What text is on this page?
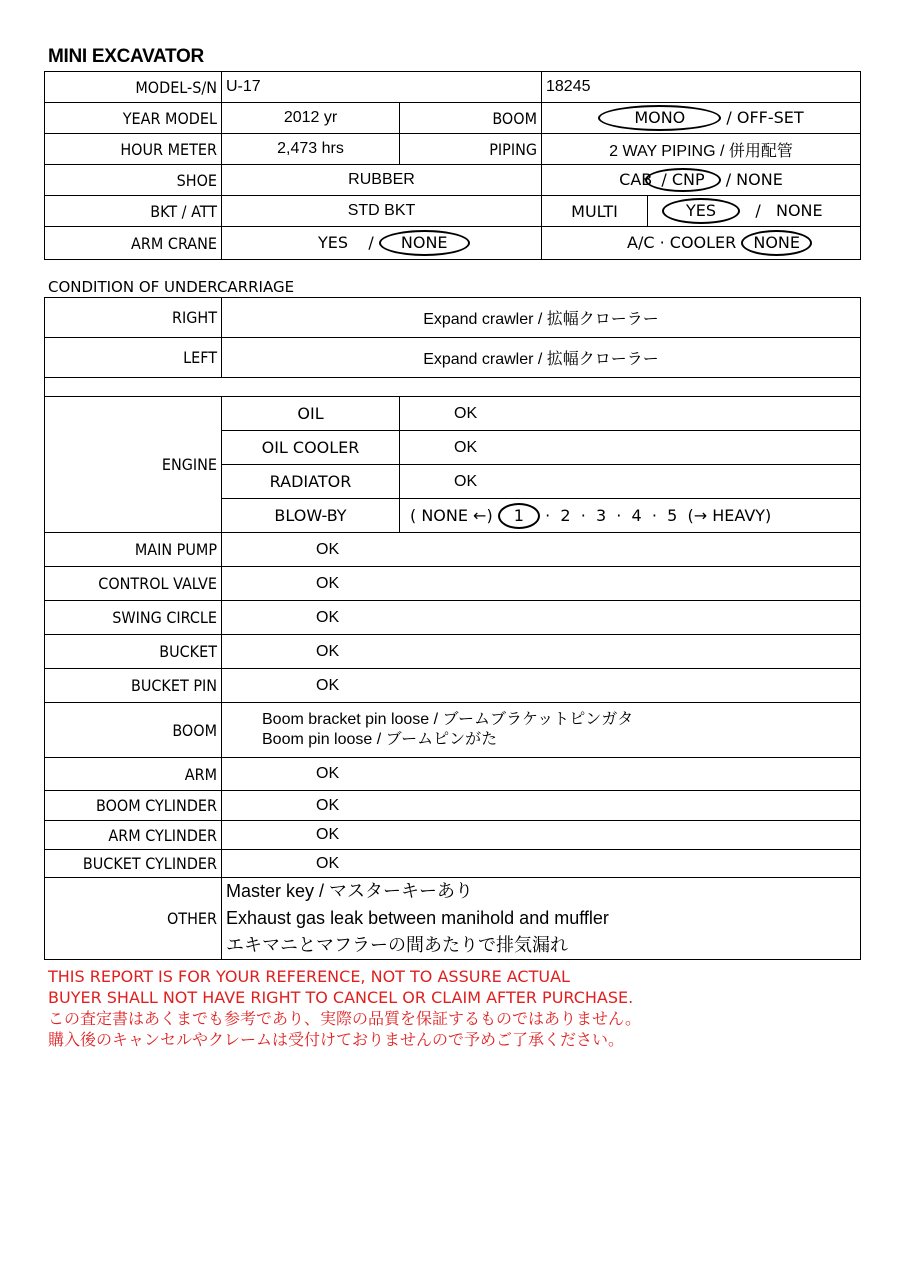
MINI EXCAVATOR
MODEL-S/N	U-17		18245	
YEAR MODEL	2012 yr	BOOM	MONO / OFF-SET	
HOUR METER	2,473 hrs	PIPING	2 WAY PIPING / 併用配管	
SHOE	RUBBER		CAB / CNP / NONE	
BKT / ATT	STD BKT		MULTI	YES / NONE
ARM CRANE	YES / NONE		A/C · COOLER NONE	
CONDITION OF UNDERCARRIAGE
RIGHT	Expand crawler / 拡幅クローラー	
LEFT	Expand crawler / 拡幅クローラー	

ENGINE	OIL	OK
	OIL COOLER	OK
	RADIATOR	OK
	BLOW-BY	( NONE ←) 1 ·  2  ·  3  ·  4  ·  5  (→ HEAVY)
MAIN PUMP	OK	
CONTROL VALVE	OK	
SWING CIRCLE	OK	
BUCKET	OK	
BUCKET PIN	OK	
BOOM	Boom bracket pin loose / ブームブラケットピンガタ
Boom pin loose / ブームピンがた	

ARM	OK	
BOOM CYLINDER	OK	
ARM CYLINDER	OK	
BUCKET CYLINDER	OK	
OTHER	Master key / マスターキーあり
Exhaust gas leak between manihold and muffler
エキマニとマフラーの間あたりで排気漏れ	
THIS REPORT IS FOR YOUR REFERENCE, NOT TO ASSURE ACTUAL
BUYER SHALL NOT HAVE RIGHT TO CANCEL OR CLAIM AFTER PURCHASE.
この査定書はあくまでも参考であり、実際の品質を保証するものではありません。
購入後のキャンセルやクレームは受付けておりませんので予めご了承ください。
